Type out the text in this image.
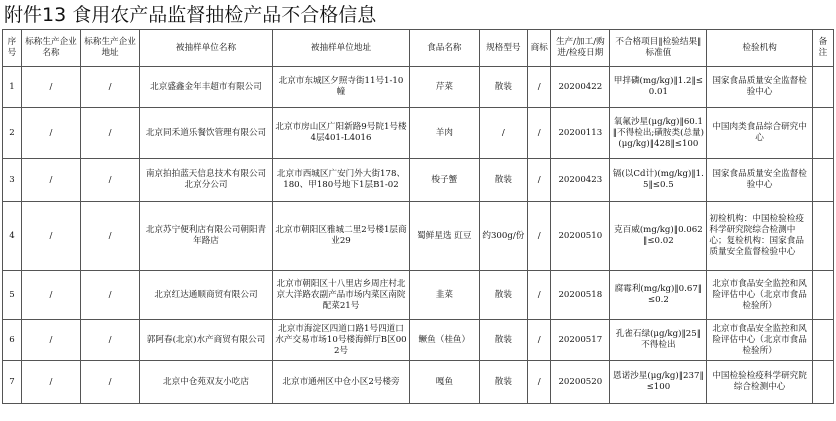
附件13 食用农产品监督抽检产品不合格信息
序号	标称生产企业名称	标称生产企业地址	被抽样单位名称	被抽样单位地址	食品名称	规格型号	商标	生产/加工/购进/检疫日期	不合格项目‖检验结果‖标准值	检验机构	备注
1	/	/	北京盛鑫金年丰超市有限公司	北京市东城区夕照寺街11号1-10幢	芹菜	散装	/	20200422	甲拌磷(mg/kg)‖1.2‖≤0.01	国家食品质量安全监督检验中心	
2	/	/	北京同禾道乐餐饮管理有限公司	北京市房山区广阳新路9号院1号楼4层401-L4016	羊肉	/	/	20200113	氧氟沙星(μg/kg)‖60.1‖不得检出;磺胺类(总量)(μg/kg)‖428‖≤100	中国肉类食品综合研究中心	
3	/	/	南京拍拍蓝天信息技术有限公司北京分公司	北京市西城区广安门外大街178、180、甲180号地下1层B1-02	梭子蟹	散装	/	20200423	镉(以Cd计)(mg/kg)‖1.5‖≤0.5	国家食品质量安全监督检验中心	
4	/	/	北京苏宁便利店有限公司朝阳青年路店	北京市朝阳区雅城二里2号楼1层商业29	蜀鲜星选 豇豆	约300g/份	/	20200510	克百威(mg/kg)‖0.062‖≤0.02	初检机构：中国检验检疫科学研究院综合检测中心；复检机构：国家食品质量安全监督检验中心	
5	/	/	北京红达通顺商贸有限公司	北京市朝阳区十八里店乡周庄村北京大洋路农副产品市场内菜区南院配菜21号	韭菜	散装	/	20200518	腐霉利(mg/kg)‖0.67‖≤0.2	北京市食品安全监控和风险评估中心（北京市食品检验所）	
6	/	/	郭阿春(北京)水产商贸有限公司	北京市海淀区四道口路1号四道口水产交易市场10号楼海鲜厅B区002号	鳜鱼（桂鱼）	散装	/	20200517	孔雀石绿(μg/kg)‖25‖不得检出	北京市食品安全监控和风险评估中心（北京市食品检验所）	
7	/	/	北京中仓苑双友小吃店	北京市通州区中仓小区2号楼旁	嘎鱼	散装	/	20200520	恩诺沙星(μg/kg)‖237‖≤100	中国检验检疫科学研究院综合检测中心	
